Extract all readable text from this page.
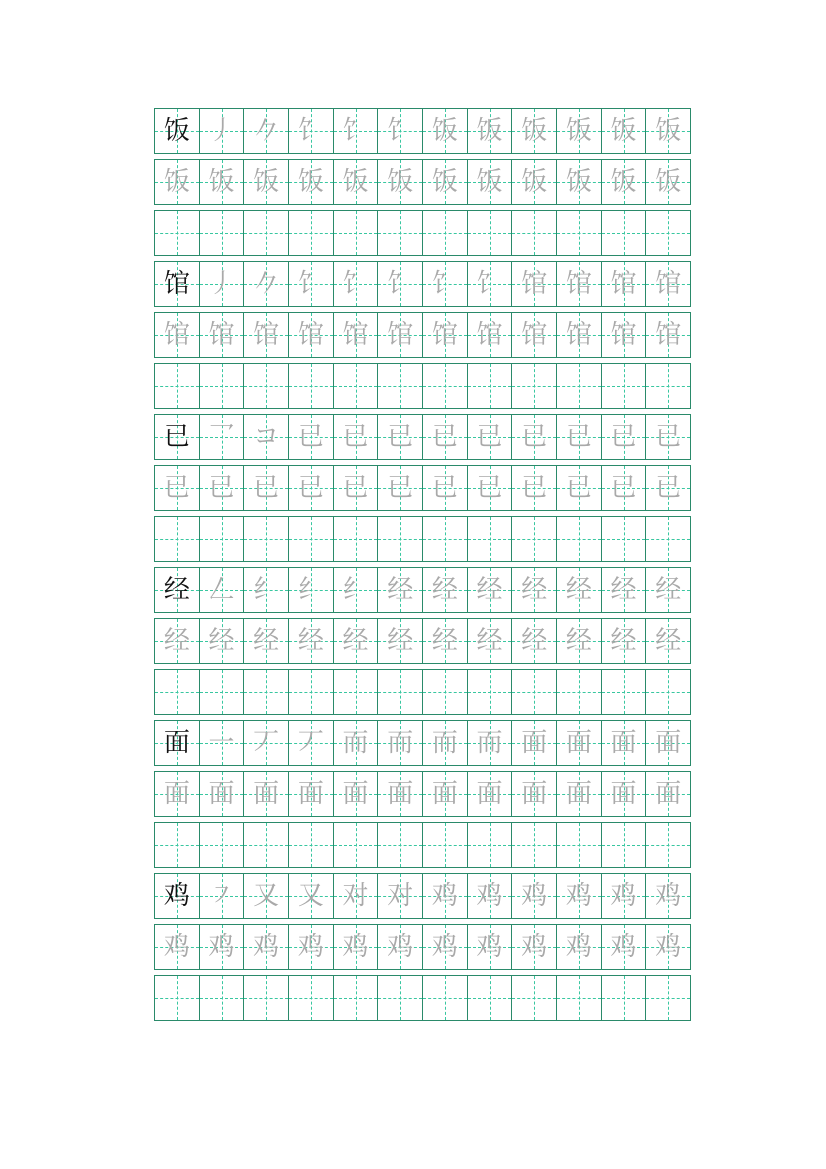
饭 丿 𠂊 饣 饣 饣 饭 饭 饭 饭 饭 饭
饭 饭 饭 饭 饭 饭 饭 饭 饭 饭 饭 饭
馆 丿 𠂊 饣 饣 饣 饣 饣 馆 馆 馆 馆
馆 馆 馆 馆 馆 馆 馆 馆 馆 馆 馆 馆
已 乛 コ 已 已 已 已 已 已 已 已 已
已 已 已 已 已 已 已 已 已 已 已 已
经 𠃋 纟 纟 纟 经 经 经 经 经 经 经
经 经 经 经 经 经 经 经 经 经 经 经
面 一 丆 丆 而 而 而 而 面 面 面 面
面 面 面 面 面 面 面 面 面 面 面 面
鸡 ㇇ 又 又 对 对 鸡 鸡 鸡 鸡 鸡 鸡
鸡 鸡 鸡 鸡 鸡 鸡 鸡 鸡 鸡 鸡 鸡 鸡
